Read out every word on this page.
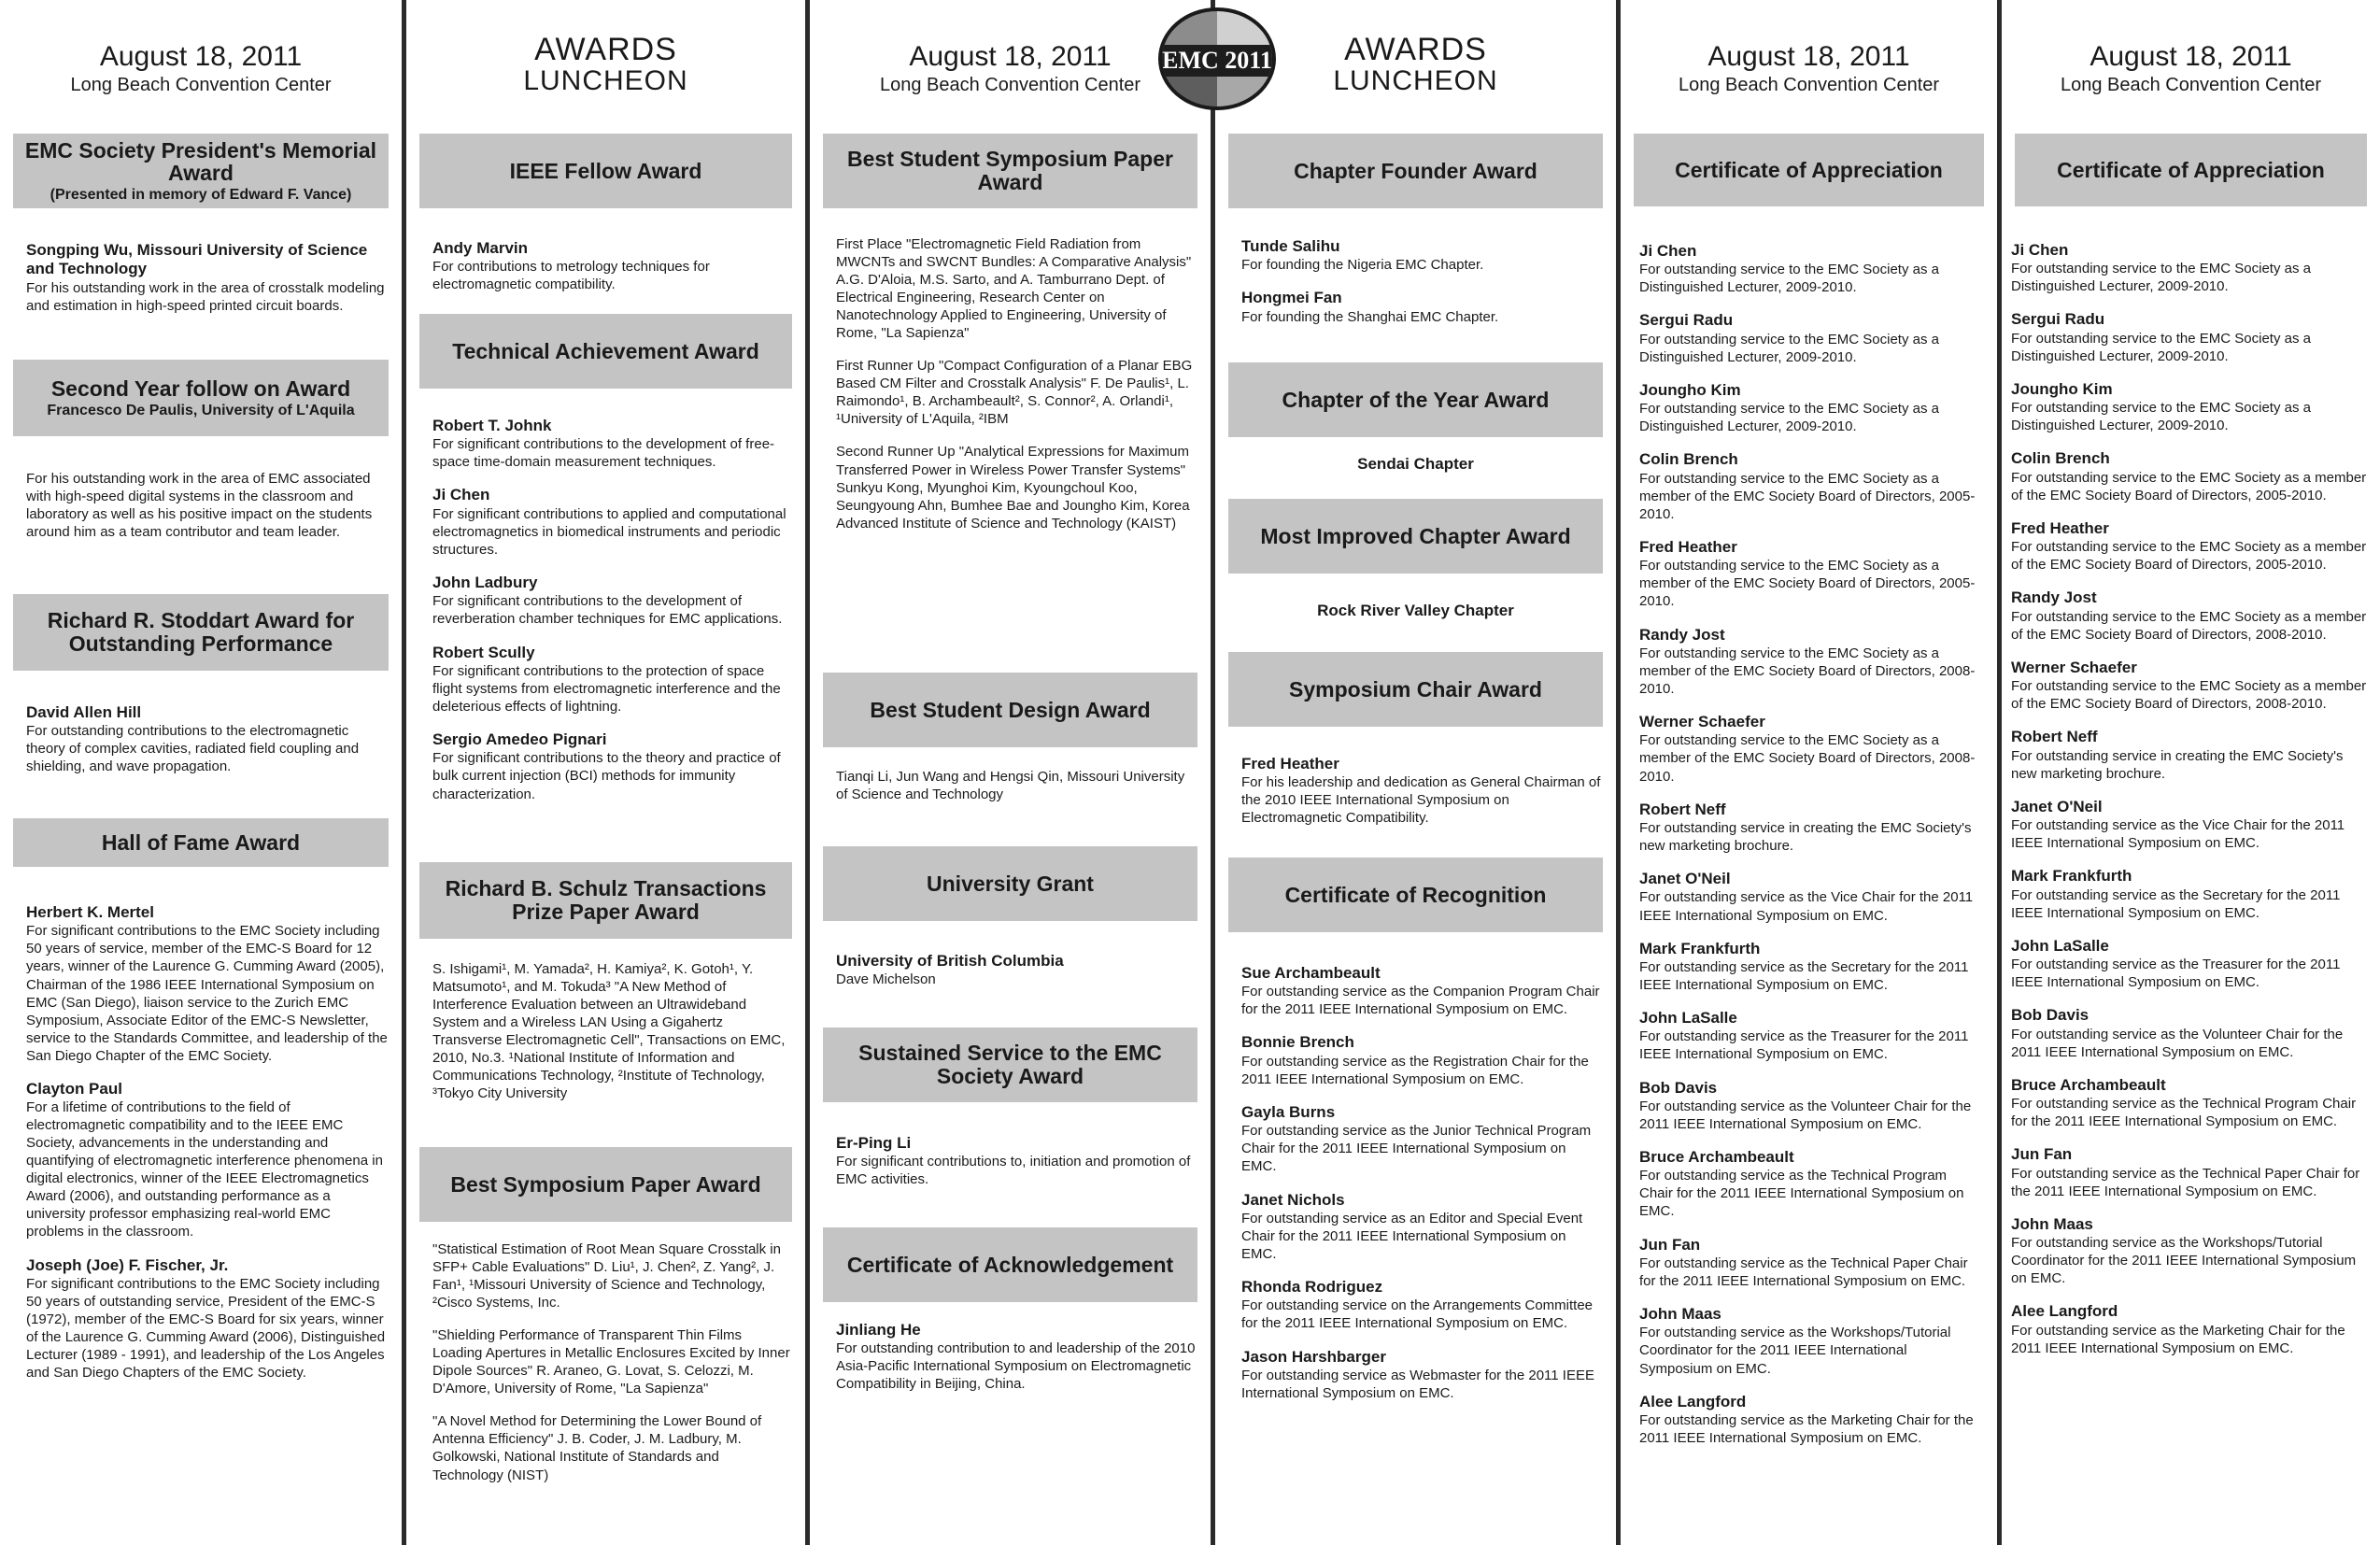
August 18, 2011
Long Beach Convention Center
EMC Society President's Memorial Award
(Presented in memory of Edward F. Vance)
Songping Wu, Missouri University of Science and Technology
For his outstanding work in the area of crosstalk modeling and estimation in high-speed printed circuit boards.
Second Year follow on Award
Francesco De Paulis, University of L'Aquila
For his outstanding work in the area of EMC associated with high-speed digital systems in the classroom and laboratory as well as his positive impact on the students around him as a team contributor and team leader.
Richard R. Stoddart Award for Outstanding Performance
David Allen Hill
For outstanding contributions to the electromagnetic theory of complex cavities, radiated field coupling and shielding, and wave propagation.
Hall of Fame Award
Herbert K. Mertel
For significant contributions to the EMC Society including 50 years of service, member of the EMC-S Board for 12 years, winner of the Laurence G. Cumming Award (2005), Chairman of the 1986 IEEE International Symposium on EMC (San Diego), liaison service to the Zurich EMC Symposium, Associate Editor of the EMC-S Newsletter, service to the Standards Committee, and leadership of the San Diego Chapter of the EMC Society.
Clayton Paul
For a lifetime of contributions to the field of electromagnetic compatibility and to the IEEE EMC Society, advancements in the understanding and quantifying of electromagnetic interference phenomena in digital electronics, winner of the IEEE Electromagnetics Award (2006), and outstanding performance as a university professor emphasizing real-world EMC problems in the classroom.
Joseph (Joe) F. Fischer, Jr.
For significant contributions to the EMC Society including 50 years of outstanding service, President of the EMC-S (1972), member of the EMC-S Board for six years, winner of the Laurence G. Cumming Award (2006), Distinguished Lecturer (1989 - 1991), and leadership of the Los Angeles and San Diego Chapters of the EMC Society.
AWARDS
LUNCHEON
IEEE Fellow Award
Andy Marvin
For contributions to metrology techniques for electromagnetic compatibility.
Technical Achievement Award
Robert T. Johnk
For significant contributions to the development of free-space time-domain measurement techniques.
Ji Chen
For significant contributions to applied and computational electromagnetics in biomedical instruments and periodic structures.
John Ladbury
For significant contributions to the development of reverberation chamber techniques for EMC applications.
Robert Scully
For significant contributions to the protection of space flight systems from electromagnetic interference and the deleterious effects of lightning.
Sergio Amedeo Pignari
For significant contributions to the theory and practice of bulk current injection (BCI) methods for immunity characterization.
Richard B. Schulz Transactions Prize Paper Award
S. Ishigami¹, M. Yamada², H. Kamiya², K. Gotoh¹, Y. Matsumoto¹, and M. Tokuda³ "A New Method of Interference Evaluation between an Ultrawideband System and a Wireless LAN Using a Gigahertz Transverse Electromagnetic Cell", Transactions on EMC, 2010, No.3. ¹National Institute of Information and Communications Technology, ²Institute of Technology, ³Tokyo City University
Best Symposium Paper Award
"Statistical Estimation of Root Mean Square Crosstalk in SFP+ Cable Evaluations" D. Liu¹, J. Chen², Z. Yang², J. Fan¹, ¹Missouri University of Science and Technology, ²Cisco Systems, Inc.
"Shielding Performance of Transparent Thin Films Loading Apertures in Metallic Enclosures Excited by Inner Dipole Sources" R. Araneo, G. Lovat, S. Celozzi, M. D'Amore, University of Rome, "La Sapienza"
"A Novel Method for Determining the Lower Bound of Antenna Efficiency" J. B. Coder, J. M. Ladbury, M. Golkowski, National Institute of Standards and Technology (NIST)
August 18, 2011
Long Beach Convention Center
Best Student Symposium Paper Award
First Place "Electromagnetic Field Radiation from MWCNTs and SWCNT Bundles: A Comparative Analysis" A.G. D'Aloia, M.S. Sarto, and A. Tamburrano Dept. of Electrical Engineering, Research Center on Nanotechnology Applied to Engineering, University of Rome, "La Sapienza"
First Runner Up "Compact Configuration of a Planar EBG Based CM Filter and Crosstalk Analysis" F. De Paulis¹, L. Raimondo¹, B. Archambeault², S. Connor², A. Orlandi¹, ¹University of L'Aquila, ²IBM
Second Runner Up "Analytical Expressions for Maximum Transferred Power in Wireless Power Transfer Systems" Sunkyu Kong, Myunghoi Kim, Kyoungchoul Koo, Seungyoung Ahn, Bumhee Bae and Joungho Kim, Korea Advanced Institute of Science and Technology (KAIST)
Best Student Design Award
Tianqi Li, Jun Wang and Hengsi Qin, Missouri University of Science and Technology
University Grant
University of British Columbia
Dave Michelson
Sustained Service to the EMC Society Award
Er-Ping Li
For significant contributions to, initiation and promotion of EMC activities.
Certificate of Acknowledgement
Jinliang He
For outstanding contribution to and leadership of the 2010 Asia-Pacific International Symposium on Electromagnetic Compatibility in Beijing, China.
EMC 2011	AWARDS
LUNCHEON
Chapter Founder Award
Tunde Salihu
For founding the Nigeria EMC Chapter.
Hongmei Fan
For founding the Shanghai EMC Chapter.
Chapter of the Year Award
Sendai Chapter
Most Improved Chapter Award
Rock River Valley Chapter
Symposium Chair Award
Fred Heather
For his leadership and dedication as General Chairman of the 2010 IEEE International Symposium on Electromagnetic Compatibility.
Certificate of Recognition
Sue Archambeault
For outstanding service as the Companion Program Chair for the 2011 IEEE International Symposium on EMC.
Bonnie Brench
For outstanding service as the Registration Chair for the 2011 IEEE International Symposium on EMC.
Gayla Burns
For outstanding service as the Junior Technical Program Chair for the 2011 IEEE International Symposium on EMC.
Janet Nichols
For outstanding service as an Editor and Special Event Chair for the 2011 IEEE International Symposium on EMC.
Rhonda Rodriguez
For outstanding service on the Arrangements Committee for the 2011 IEEE International Symposium on EMC.
Jason Harshbarger
For outstanding service as Webmaster for the 2011 IEEE International Symposium on EMC.
August 18, 2011
Long Beach Convention Center
Certificate of Appreciation
Ji Chen
For outstanding service to the EMC Society as a Distinguished Lecturer, 2009-2010.
Sergui Radu
For outstanding service to the EMC Society as a Distinguished Lecturer, 2009-2010.
Joungho Kim
For outstanding service to the EMC Society as a Distinguished Lecturer, 2009-2010.
Colin Brench
For outstanding service to the EMC Society as a member of the EMC Society Board of Directors, 2005-2010.
Fred Heather
For outstanding service to the EMC Society as a member of the EMC Society Board of Directors, 2005-2010.
Randy Jost
For outstanding service to the EMC Society as a member of the EMC Society Board of Directors, 2008-2010.
Werner Schaefer
For outstanding service to the EMC Society as a member of the EMC Society Board of Directors, 2008-2010.
Robert Neff
For outstanding service in creating the EMC Society's new marketing brochure.
Janet O'Neil
For outstanding service as the Vice Chair for the 2011 IEEE International Symposium on EMC.
Mark Frankfurth
For outstanding service as the Secretary for the 2011 IEEE International Symposium on EMC.
John LaSalle
For outstanding service as the Treasurer for the 2011 IEEE International Symposium on EMC.
Bob Davis
For outstanding service as the Volunteer Chair for the 2011 IEEE International Symposium on EMC.
Bruce Archambeault
For outstanding service as the Technical Program Chair for the 2011 IEEE International Symposium on EMC.
Jun Fan
For outstanding service as the Technical Paper Chair for the 2011 IEEE International Symposium on EMC.
John Maas
For outstanding service as the Workshops/Tutorial Coordinator for the 2011 IEEE International Symposium on EMC.
Alee Langford
For outstanding service as the Marketing Chair for the 2011 IEEE International Symposium on EMC.
August 18, 2011
Long Beach Convention Center
Certificate of Appreciation
Ji Chen
For outstanding service to the EMC Society as a Distinguished Lecturer, 2009-2010.
Sergui Radu
For outstanding service to the EMC Society as a Distinguished Lecturer, 2009-2010.
Joungho Kim
For outstanding service to the EMC Society as a Distinguished Lecturer, 2009-2010.
Colin Brench
For outstanding service to the EMC Society as a member of the EMC Society Board of Directors, 2005-2010.
Fred Heather
For outstanding service to the EMC Society as a member of the EMC Society Board of Directors, 2005-2010.
Randy Jost
For outstanding service to the EMC Society as a member of the EMC Society Board of Directors, 2008-2010.
Werner Schaefer
For outstanding service to the EMC Society as a member of the EMC Society Board of Directors, 2008-2010.
Robert Neff
For outstanding service in creating the EMC Society's new marketing brochure.
Janet O'Neil
For outstanding service as the Vice Chair for the 2011 IEEE International Symposium on EMC.
Mark Frankfurth
For outstanding service as the Secretary for the 2011 IEEE International Symposium on EMC.
John LaSalle
For outstanding service as the Treasurer for the 2011 IEEE International Symposium on EMC.
Bob Davis
For outstanding service as the Volunteer Chair for the 2011 IEEE International Symposium on EMC.
Bruce Archambeault
For outstanding service as the Technical Program Chair for the 2011 IEEE International Symposium on EMC.
Jun Fan
For outstanding service as the Technical Paper Chair for the 2011 IEEE International Symposium on EMC.
John Maas
For outstanding service as the Workshops/Tutorial Coordinator for the 2011 IEEE International Symposium on EMC.
Alee Langford
For outstanding service as the Marketing Chair for the 2011 IEEE International Symposium on EMC.
